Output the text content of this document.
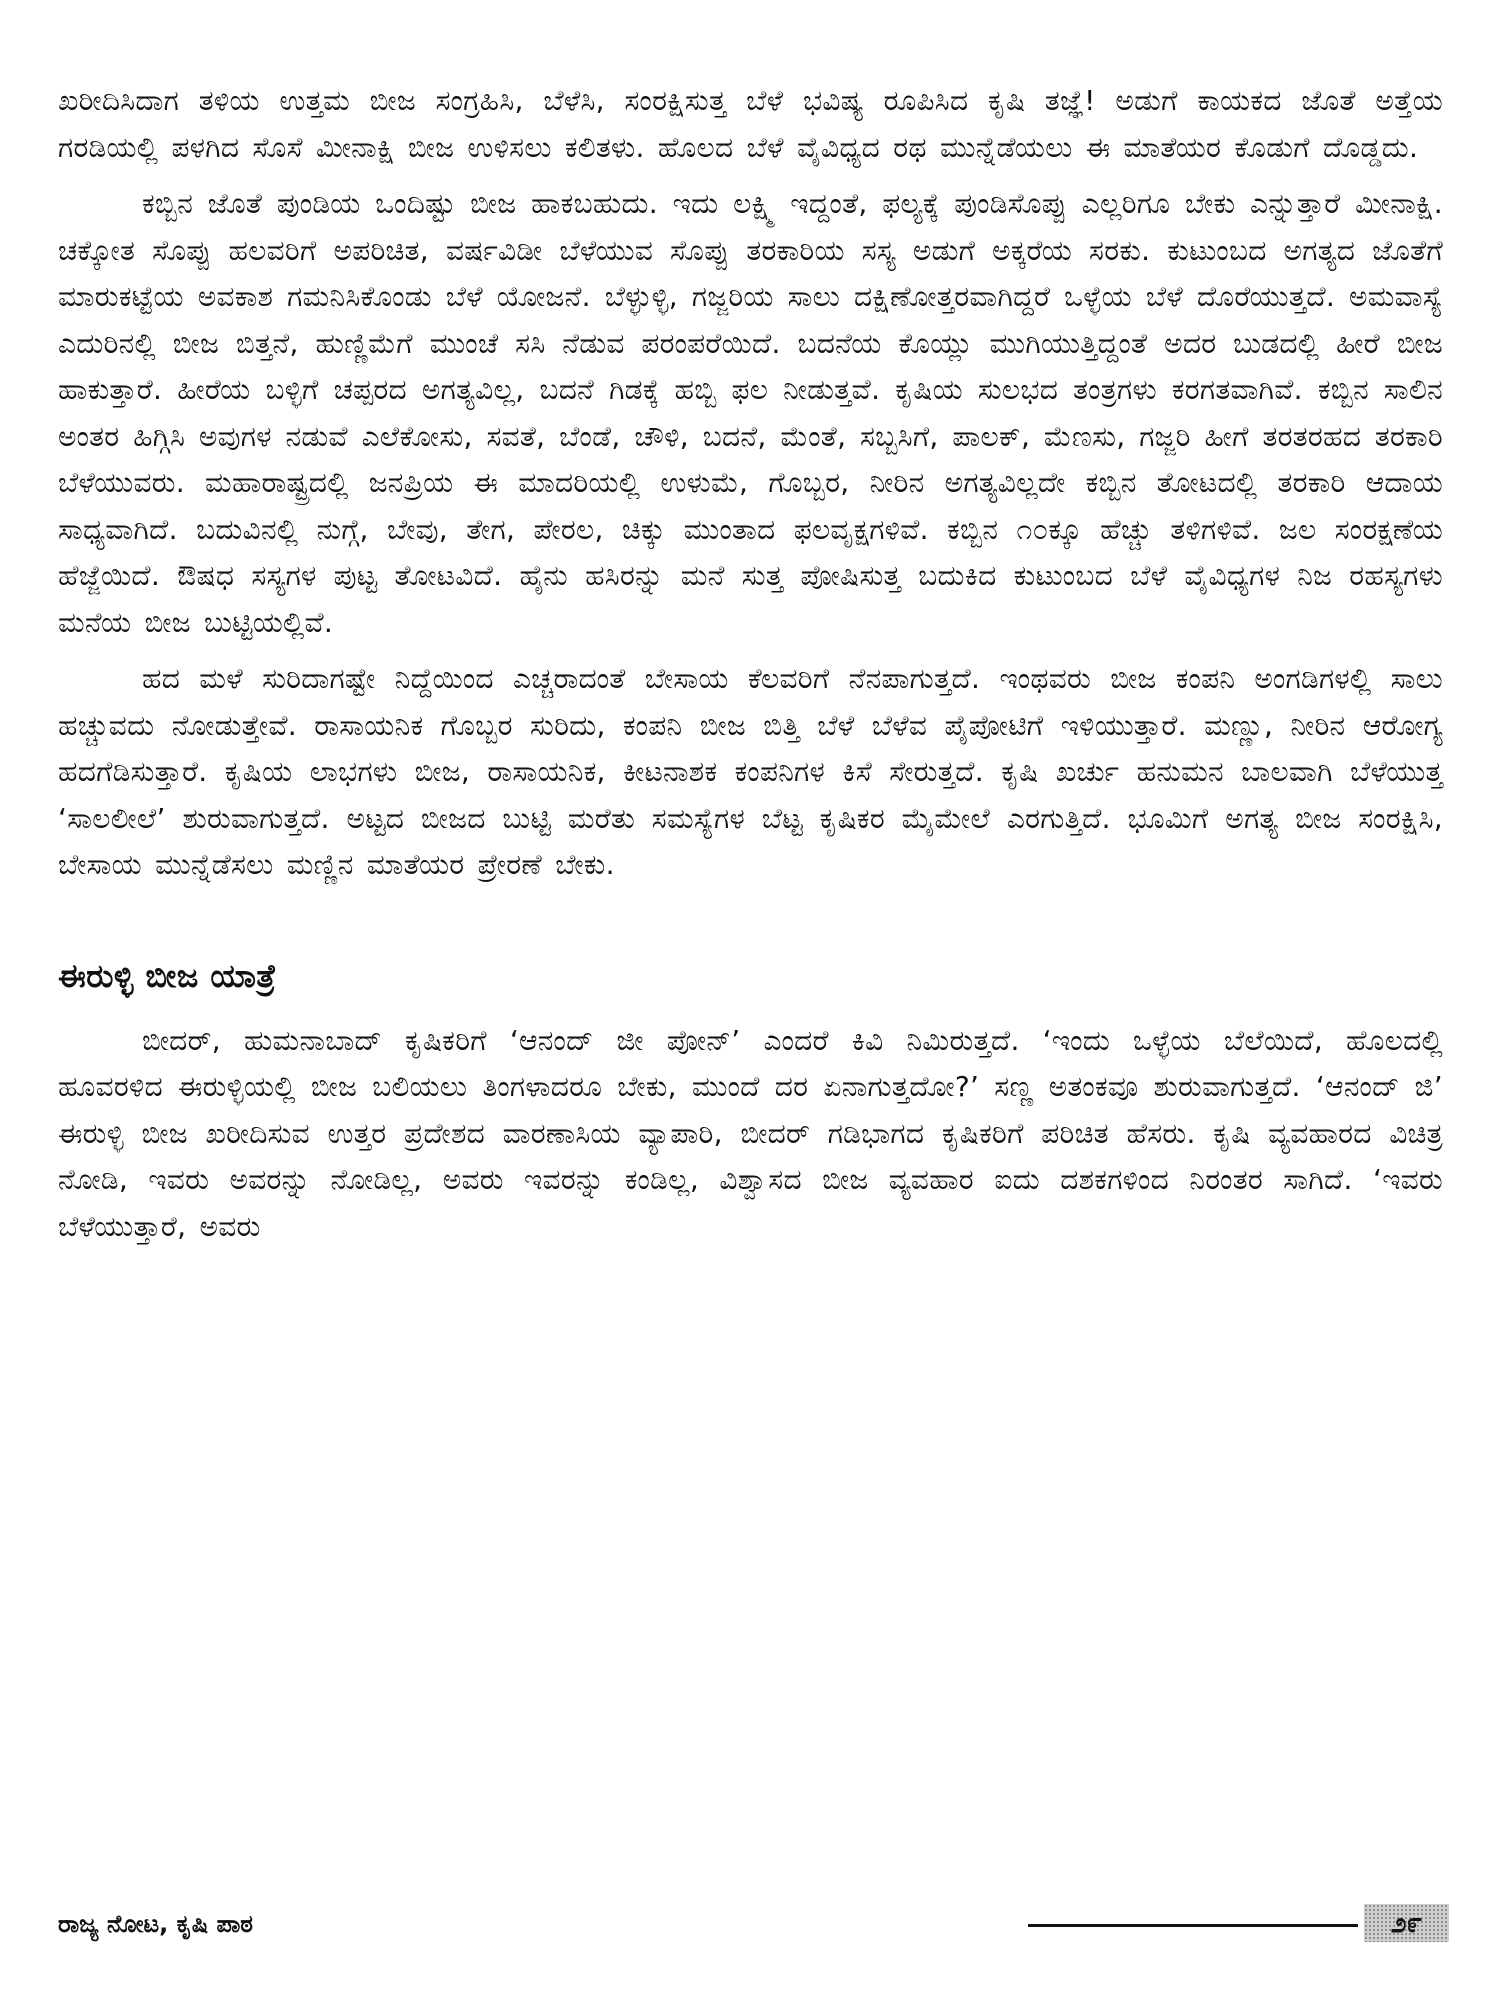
ಖರೀದಿಸಿದಾಗ ತಳಿಯ ಉತ್ತಮ ಬೀಜ ಸಂಗ್ರಹಿಸಿ, ಬೆಳೆಸಿ, ಸಂರಕ್ಷಿಸುತ್ತ ಬೆಳೆ ಭವಿಷ್ಯ ರೂಪಿಸಿದ ಕೃಷಿ ತಜ್ಞೆ! ಅಡುಗೆ ಕಾಯಕದ ಜೊತೆ ಅತ್ತೆಯ ಗರಡಿಯಲ್ಲಿ ಪಳಗಿದ ಸೊಸೆ ಮೀನಾಕ್ಷಿ ಬೀಜ ಉಳಿಸಲು ಕಲಿತಳು. ಹೊಲದ ಬೆಳೆ ವೈವಿಧ್ಯದ ರಥ ಮುನ್ನೆಡೆಯಲು ಈ ಮಾತೆಯರ ಕೊಡುಗೆ ದೊಡ್ಡದು.

ಕಬ್ಬಿನ ಜೊತೆ ಪುಂಡಿಯ ಒಂದಿಷ್ಟು ಬೀಜ ಹಾಕಬಹುದು. ಇದು ಲಕ್ಷ್ಮಿ ಇದ್ದಂತೆ, ಫಲ್ಯಕ್ಕೆ ಪುಂಡಿಸೊಪ್ಪು ಎಲ್ಲರಿಗೂ ಬೇಕು ಎನ್ನುತ್ತಾರೆ ಮೀನಾಕ್ಷಿ. ಚಕ್ಕೋತ ಸೊಪ್ಪು ಹಲವರಿಗೆ ಅಪರಿಚಿತ, ವರ್ಷವಿಡೀ ಬೆಳೆಯುವ ಸೊಪ್ಪು ತರಕಾರಿಯ ಸಸ್ಯ ಅಡುಗೆ ಅಕ್ಕರೆಯ ಸರಕು. ಕುಟುಂಬದ ಅಗತ್ಯದ ಜೊತೆಗೆ ಮಾರುಕಟ್ಟೆಯ ಅವಕಾಶ ಗಮನಿಸಿಕೊಂಡು ಬೆಳೆ ಯೋಜನೆ. ಬೆಳ್ಳುಳ್ಳಿ, ಗಜ್ಜರಿಯ ಸಾಲು ದಕ್ಷಿಣೋತ್ತರವಾಗಿದ್ದರೆ ಒಳ್ಳೆಯ ಬೆಳೆ ದೊರೆಯುತ್ತದೆ. ಅಮವಾಸ್ಯೆ ಎದುರಿನಲ್ಲಿ ಬೀಜ ಬಿತ್ತನೆ, ಹುಣ್ಣಿಮೆಗೆ ಮುಂಚೆ ಸಸಿ ನೆಡುವ ಪರಂಪರೆಯಿದೆ. ಬದನೆಯ ಕೊಯ್ಲು ಮುಗಿಯುತ್ತಿದ್ದಂತೆ ಅದರ ಬುಡದಲ್ಲಿ ಹೀರೆ ಬೀಜ ಹಾಕುತ್ತಾರೆ. ಹೀರೆಯ ಬಳ್ಳಿಗೆ ಚಪ್ಪರದ ಅಗತ್ಯವಿಲ್ಲ, ಬದನೆ ಗಿಡಕ್ಕೆ ಹಬ್ಬಿ ಫಲ ನೀಡುತ್ತವೆ. ಕೃಷಿಯ ಸುಲಭದ ತಂತ್ರಗಳು ಕರಗತವಾಗಿವೆ. ಕಬ್ಬಿನ ಸಾಲಿನ ಅಂತರ ಹಿಗ್ಗಿಸಿ ಅವುಗಳ ನಡುವೆ ಎಲೆಕೋಸು, ಸವತೆ, ಬೆಂಡೆ, ಚೌಳಿ, ಬದನೆ, ಮೆಂತೆ, ಸಬ್ಬಸಿಗೆ, ಪಾಲಕ್, ಮೆಣಸು, ಗಜ್ಜರಿ ಹೀಗೆ ತರತರಹದ ತರಕಾರಿ ಬೆಳೆಯುವರು. ಮಹಾರಾಷ್ಟ್ರದಲ್ಲಿ ಜನಪ್ರಿಯ ಈ ಮಾದರಿಯಲ್ಲಿ ಉಳುಮೆ, ಗೊಬ್ಬರ, ನೀರಿನ ಅಗತ್ಯವಿಲ್ಲದೇ ಕಬ್ಬಿನ ತೋಟದಲ್ಲಿ ತರಕಾರಿ ಆದಾಯ ಸಾಧ್ಯವಾಗಿದೆ. ಬದುವಿನಲ್ಲಿ ನುಗ್ಗೆ, ಬೇವು, ತೇಗ, ಪೇರಲ, ಚಿಕ್ಕು ಮುಂತಾದ ಫಲವೃಕ್ಷಗಳಿವೆ. ಕಬ್ಬಿನ ೧೦ಕ್ಕೂ ಹೆಚ್ಚು ತಳಿಗಳಿವೆ. ಜಲ ಸಂರಕ್ಷಣೆಯ ಹೆಜ್ಜೆಯಿದೆ. ಔಷಧ ಸಸ್ಯಗಳ ಪುಟ್ಟ ತೋಟವಿದೆ. ಹೈನು ಹಸಿರನ್ನು ಮನೆ ಸುತ್ತ ಪೋಷಿಸುತ್ತ ಬದುಕಿದ ಕುಟುಂಬದ ಬೆಳೆ ವೈವಿಧ್ಯಗಳ ನಿಜ ರಹಸ್ಯಗಳು ಮನೆಯ ಬೀಜ ಬುಟ್ಟಿಯಲ್ಲಿವೆ.

ಹದ ಮಳೆ ಸುರಿದಾಗಷ್ಟೇ ನಿದ್ದೆಯಿಂದ ಎಚ್ಚರಾದಂತೆ ಬೇಸಾಯ ಕೆಲವರಿಗೆ ನೆನಪಾಗುತ್ತದೆ. ಇಂಥವರು ಬೀಜ ಕಂಪನಿ ಅಂಗಡಿಗಳಲ್ಲಿ ಸಾಲು ಹಚ್ಚುವದು ನೋಡುತ್ತೇವೆ. ರಾಸಾಯನಿಕ ಗೊಬ್ಬರ ಸುರಿದು, ಕಂಪನಿ ಬೀಜ ಬಿತ್ತಿ ಬೆಳೆ ಬೆಳೆವ ಪೈಪೋಟಿಗೆ ಇಳಿಯುತ್ತಾರೆ. ಮಣ್ಣು, ನೀರಿನ ಆರೋಗ್ಯ ಹದಗೆಡಿಸುತ್ತಾರೆ. ಕೃಷಿಯ ಲಾಭಗಳು ಬೀಜ, ರಾಸಾಯನಿಕ, ಕೀಟನಾಶಕ ಕಂಪನಿಗಳ ಕಿಸೆ ಸೇರುತ್ತದೆ. ಕೃಷಿ ಖರ್ಚು ಹನುಮನ ಬಾಲವಾಗಿ ಬೆಳೆಯುತ್ತ ‘ಸಾಲಲೀಲೆ’ ಶುರುವಾಗುತ್ತದೆ. ಅಟ್ಟದ ಬೀಜದ ಬುಟ್ಟಿ ಮರೆತು ಸಮಸ್ಯೆಗಳ ಬೆಟ್ಟ ಕೃಷಿಕರ ಮೈಮೇಲೆ ಎರಗುತ್ತಿದೆ. ಭೂಮಿಗೆ ಅಗತ್ಯ ಬೀಜ ಸಂರಕ್ಷಿಸಿ, ಬೇಸಾಯ ಮುನ್ನೆಡೆಸಲು ಮಣ್ಣಿನ ಮಾತೆಯರ ಪ್ರೇರಣೆ ಬೇಕು.

ಈರುಳ್ಳಿ ಬೀಜ ಯಾತ್ರೆ

ಬೀದರ್, ಹುಮನಾಬಾದ್ ಕೃಷಿಕರಿಗೆ ‘ಆನಂದ್ ಜೀ ಪೋನ್’ ಎಂದರೆ ಕಿವಿ ನಿಮಿರುತ್ತದೆ. ‘ಇಂದು ಒಳ್ಳೆಯ ಬೆಲೆಯಿದೆ, ಹೊಲದಲ್ಲಿ ಹೂವರಳಿದ ಈರುಳ್ಳಿಯಲ್ಲಿ ಬೀಜ ಬಲಿಯಲು ತಿಂಗಳಾದರೂ ಬೇಕು, ಮುಂದೆ ದರ ಏನಾಗುತ್ತದೋ?’ ಸಣ್ಣ ಅತಂಕವೂ ಶುರುವಾಗುತ್ತದೆ. ‘ಆನಂದ್ ಜಿ’ ಈರುಳ್ಳಿ ಬೀಜ ಖರೀದಿಸುವ ಉತ್ತರ ಪ್ರದೇಶದ ವಾರಣಾಸಿಯ ವ್ಯಾಪಾರಿ, ಬೀದರ್ ಗಡಿಭಾಗದ ಕೃಷಿಕರಿಗೆ ಪರಿಚಿತ ಹೆಸರು. ಕೃಷಿ ವ್ಯವಹಾರದ ವಿಚಿತ್ರ ನೋಡಿ, ಇವರು ಅವರನ್ನು ನೋಡಿಲ್ಲ, ಅವರು ಇವರನ್ನು ಕಂಡಿಲ್ಲ, ವಿಶ್ವಾಸದ ಬೀಜ ವ್ಯವಹಾರ ಐದು ದಶಕಗಳಿಂದ ನಿರಂತರ ಸಾಗಿದೆ. ‘ಇವರು ಬೆಳೆಯುತ್ತಾರೆ, ಅವರು

ರಾಜ್ಯ ನೋಟ, ಕೃಷಿ ಪಾಠ	೨೯
